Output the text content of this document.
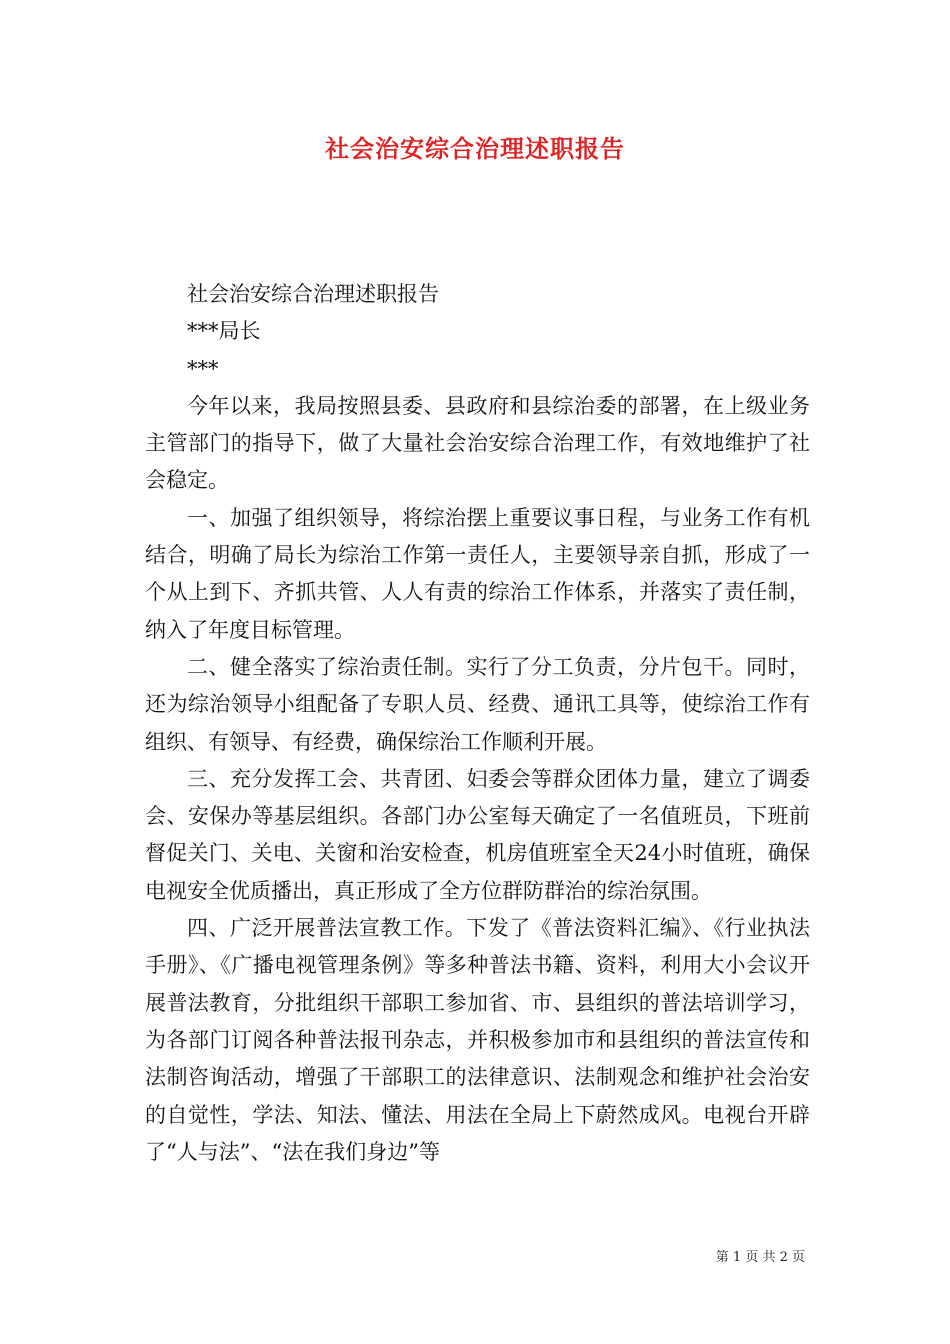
社会治安综合治理述职报告

社会治安综合治理述职报告

***局长

***

今年以来，我局按照县委、县政府和县综治委的部署，在上级业务主管部门的指导下，做了大量社会治安综合治理工作，有效地维护了社会稳定。

一、加强了组织领导，将综治摆上重要议事日程，与业务工作有机结合，明确了局长为综治工作第一责任人，主要领导亲自抓，形成了一个从上到下、齐抓共管、人人有责的综治工作体系，并落实了责任制，纳入了年度目标管理。

二、健全落实了综治责任制。实行了分工负责，分片包干。同时，还为综治领导小组配备了专职人员、经费、通讯工具等，使综治工作有组织、有领导、有经费，确保综治工作顺利开展。

三、充分发挥工会、共青团、妇委会等群众团体力量，建立了调委会、安保办等基层组织。各部门办公室每天确定了一名值班员，下班前督促关门、关电、关窗和治安检查，机房值班室全天24小时值班，确保电视安全优质播出，真正形成了全方位群防群治的综治氛围。

四、广泛开展普法宣教工作。下发了《普法资料汇编》、《行业执法手册》、《广播电视管理条例》等多种普法书籍、资料，利用大小会议开展普法教育，分批组织干部职工参加省、市、县组织的普法培训学习，为各部门订阅各种普法报刊杂志，并积极参加市和县组织的普法宣传和法制咨询活动，增强了干部职工的法律意识、法制观念和维护社会治安的自觉性，学法、知法、懂法、用法在全局上下蔚然成风。电视台开辟了“人与法”、“法在我们身边”等

第 1 页 共 2 页
